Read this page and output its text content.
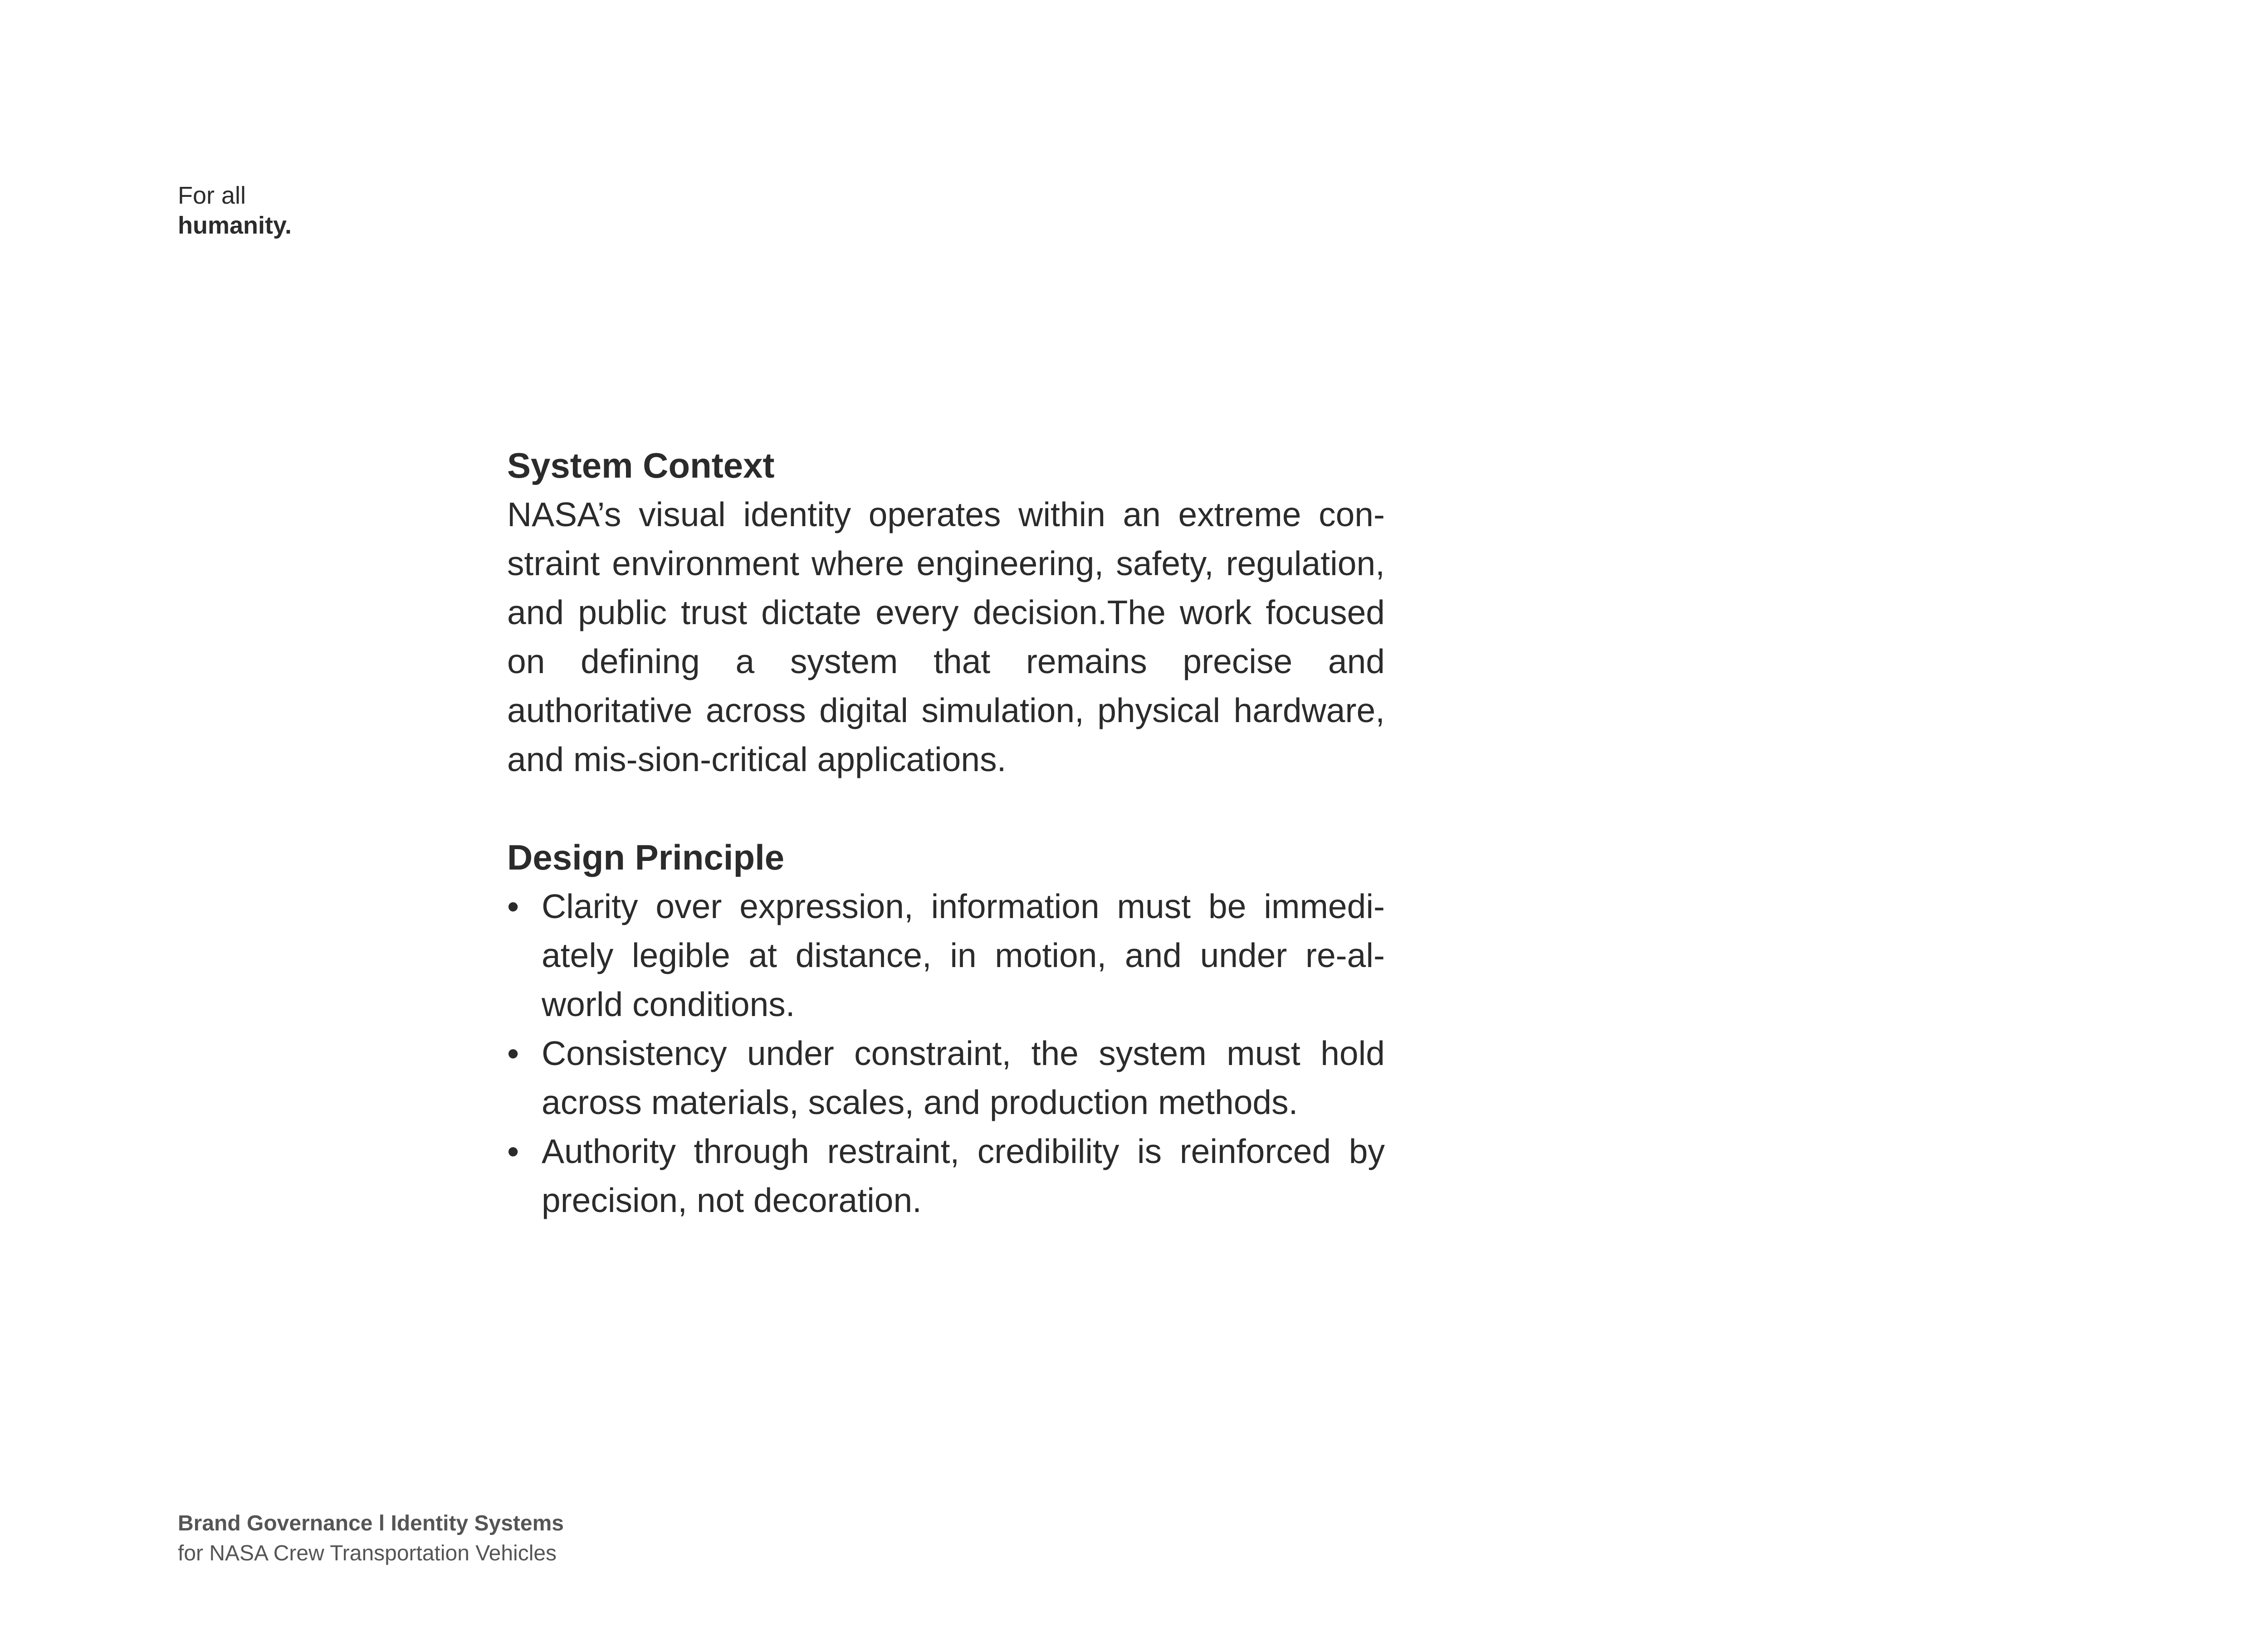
For all
humanity.
System Context

NASA’s visual identity operates within an extreme con-straint environment where engineering, safety, regulation, and public trust dictate every decision.The work focused on defining a system that remains precise and authoritative across digital simulation, physical hardware, and mis-sion-critical applications.

Design Principle
• Clarity over expression, information must be immedi-ately legible at distance, in motion, and under re-al-world conditions.
• Consistency under constraint, the system must hold across materials, scales, and production methods.
• Authority through restraint, credibility is reinforced by precision, not decoration.
Brand Governance l Identity Systems
for NASA Crew Transportation Vehicles
